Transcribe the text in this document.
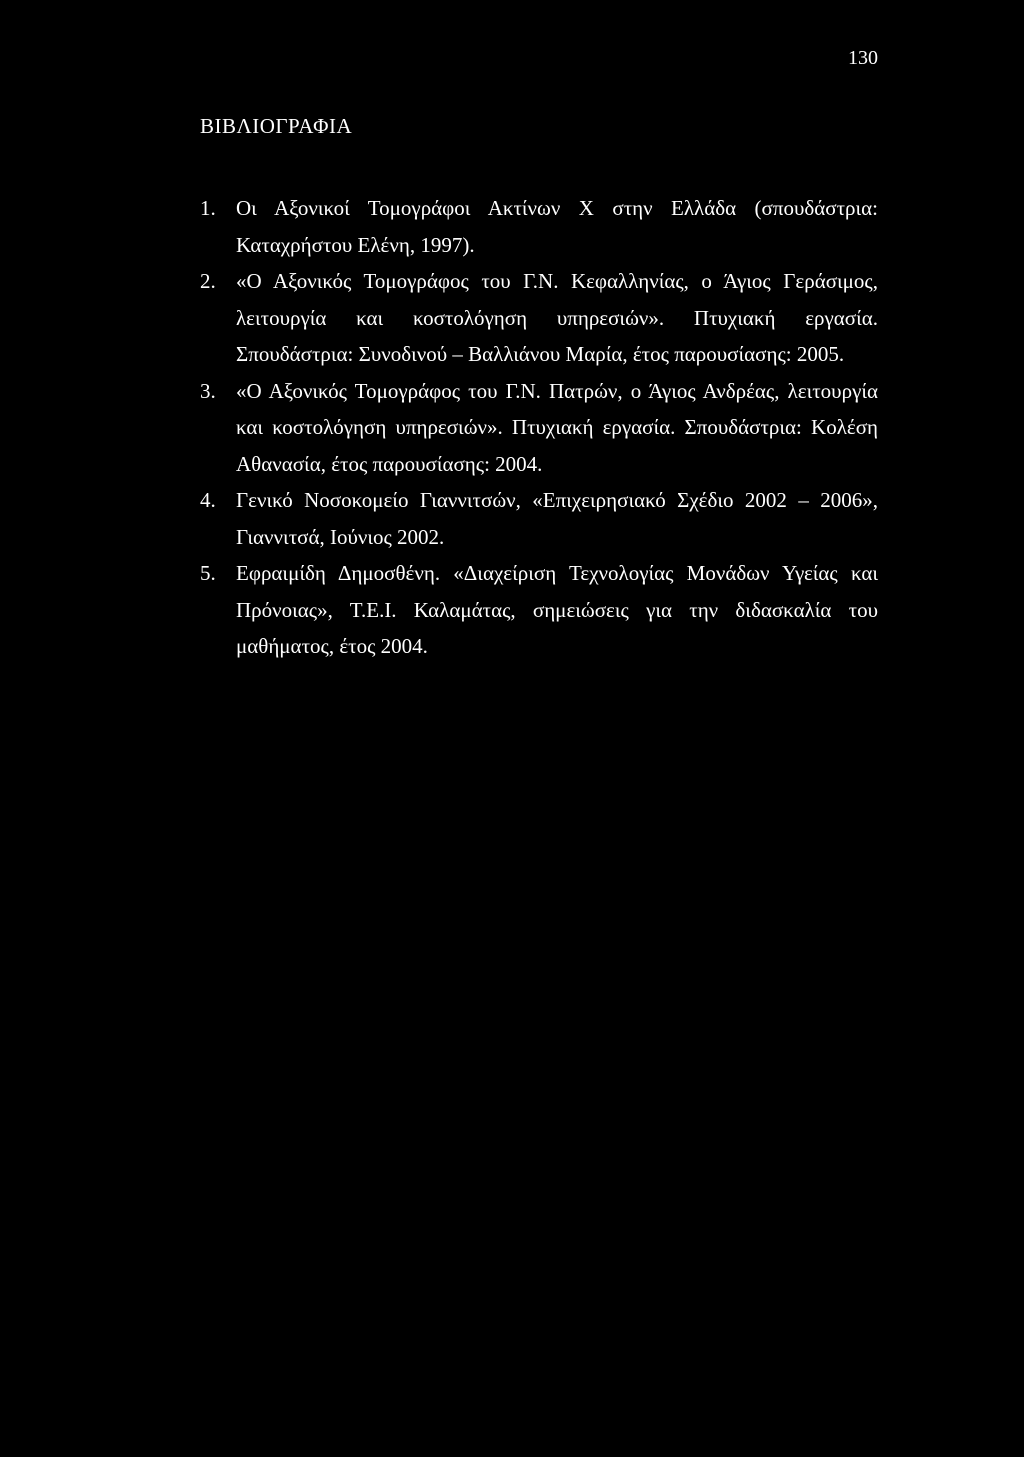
130
ΒΙΒΛΙΟΓΡΑΦΙΑ
1. Οι Αξονικοί Τομογράφοι Ακτίνων Χ στην Ελλάδα (σπουδάστρια: Καταχρήστου Ελένη, 1997).
2. «Ο Αξονικός Τομογράφος του Γ.Ν. Κεφαλληνίας, ο Άγιος Γεράσιμος, λειτουργία και κοστολόγηση υπηρεσιών». Πτυχιακή εργασία. Σπουδάστρια: Συνοδινού – Βαλλιάνου Μαρία, έτος παρουσίασης: 2005.
3. «Ο Αξονικός Τομογράφος του Γ.Ν. Πατρών, ο Άγιος Ανδρέας, λειτουργία και κοστολόγηση υπηρεσιών». Πτυχιακή εργασία. Σπουδάστρια: Κολέση Αθανασία, έτος παρουσίασης: 2004.
4. Γενικό Νοσοκομείο Γιαννιτσών, «Επιχειρησιακό Σχέδιο 2002 – 2006», Γιαννιτσά, Ιούνιος 2002.
5. Εφραιμίδη Δημοσθένη. «Διαχείριση Τεχνολογίας Μονάδων Υγείας και Πρόνοιας», Τ.Ε.Ι. Καλαμάτας, σημειώσεις για την διδασκαλία του μαθήματος, έτος 2004.
